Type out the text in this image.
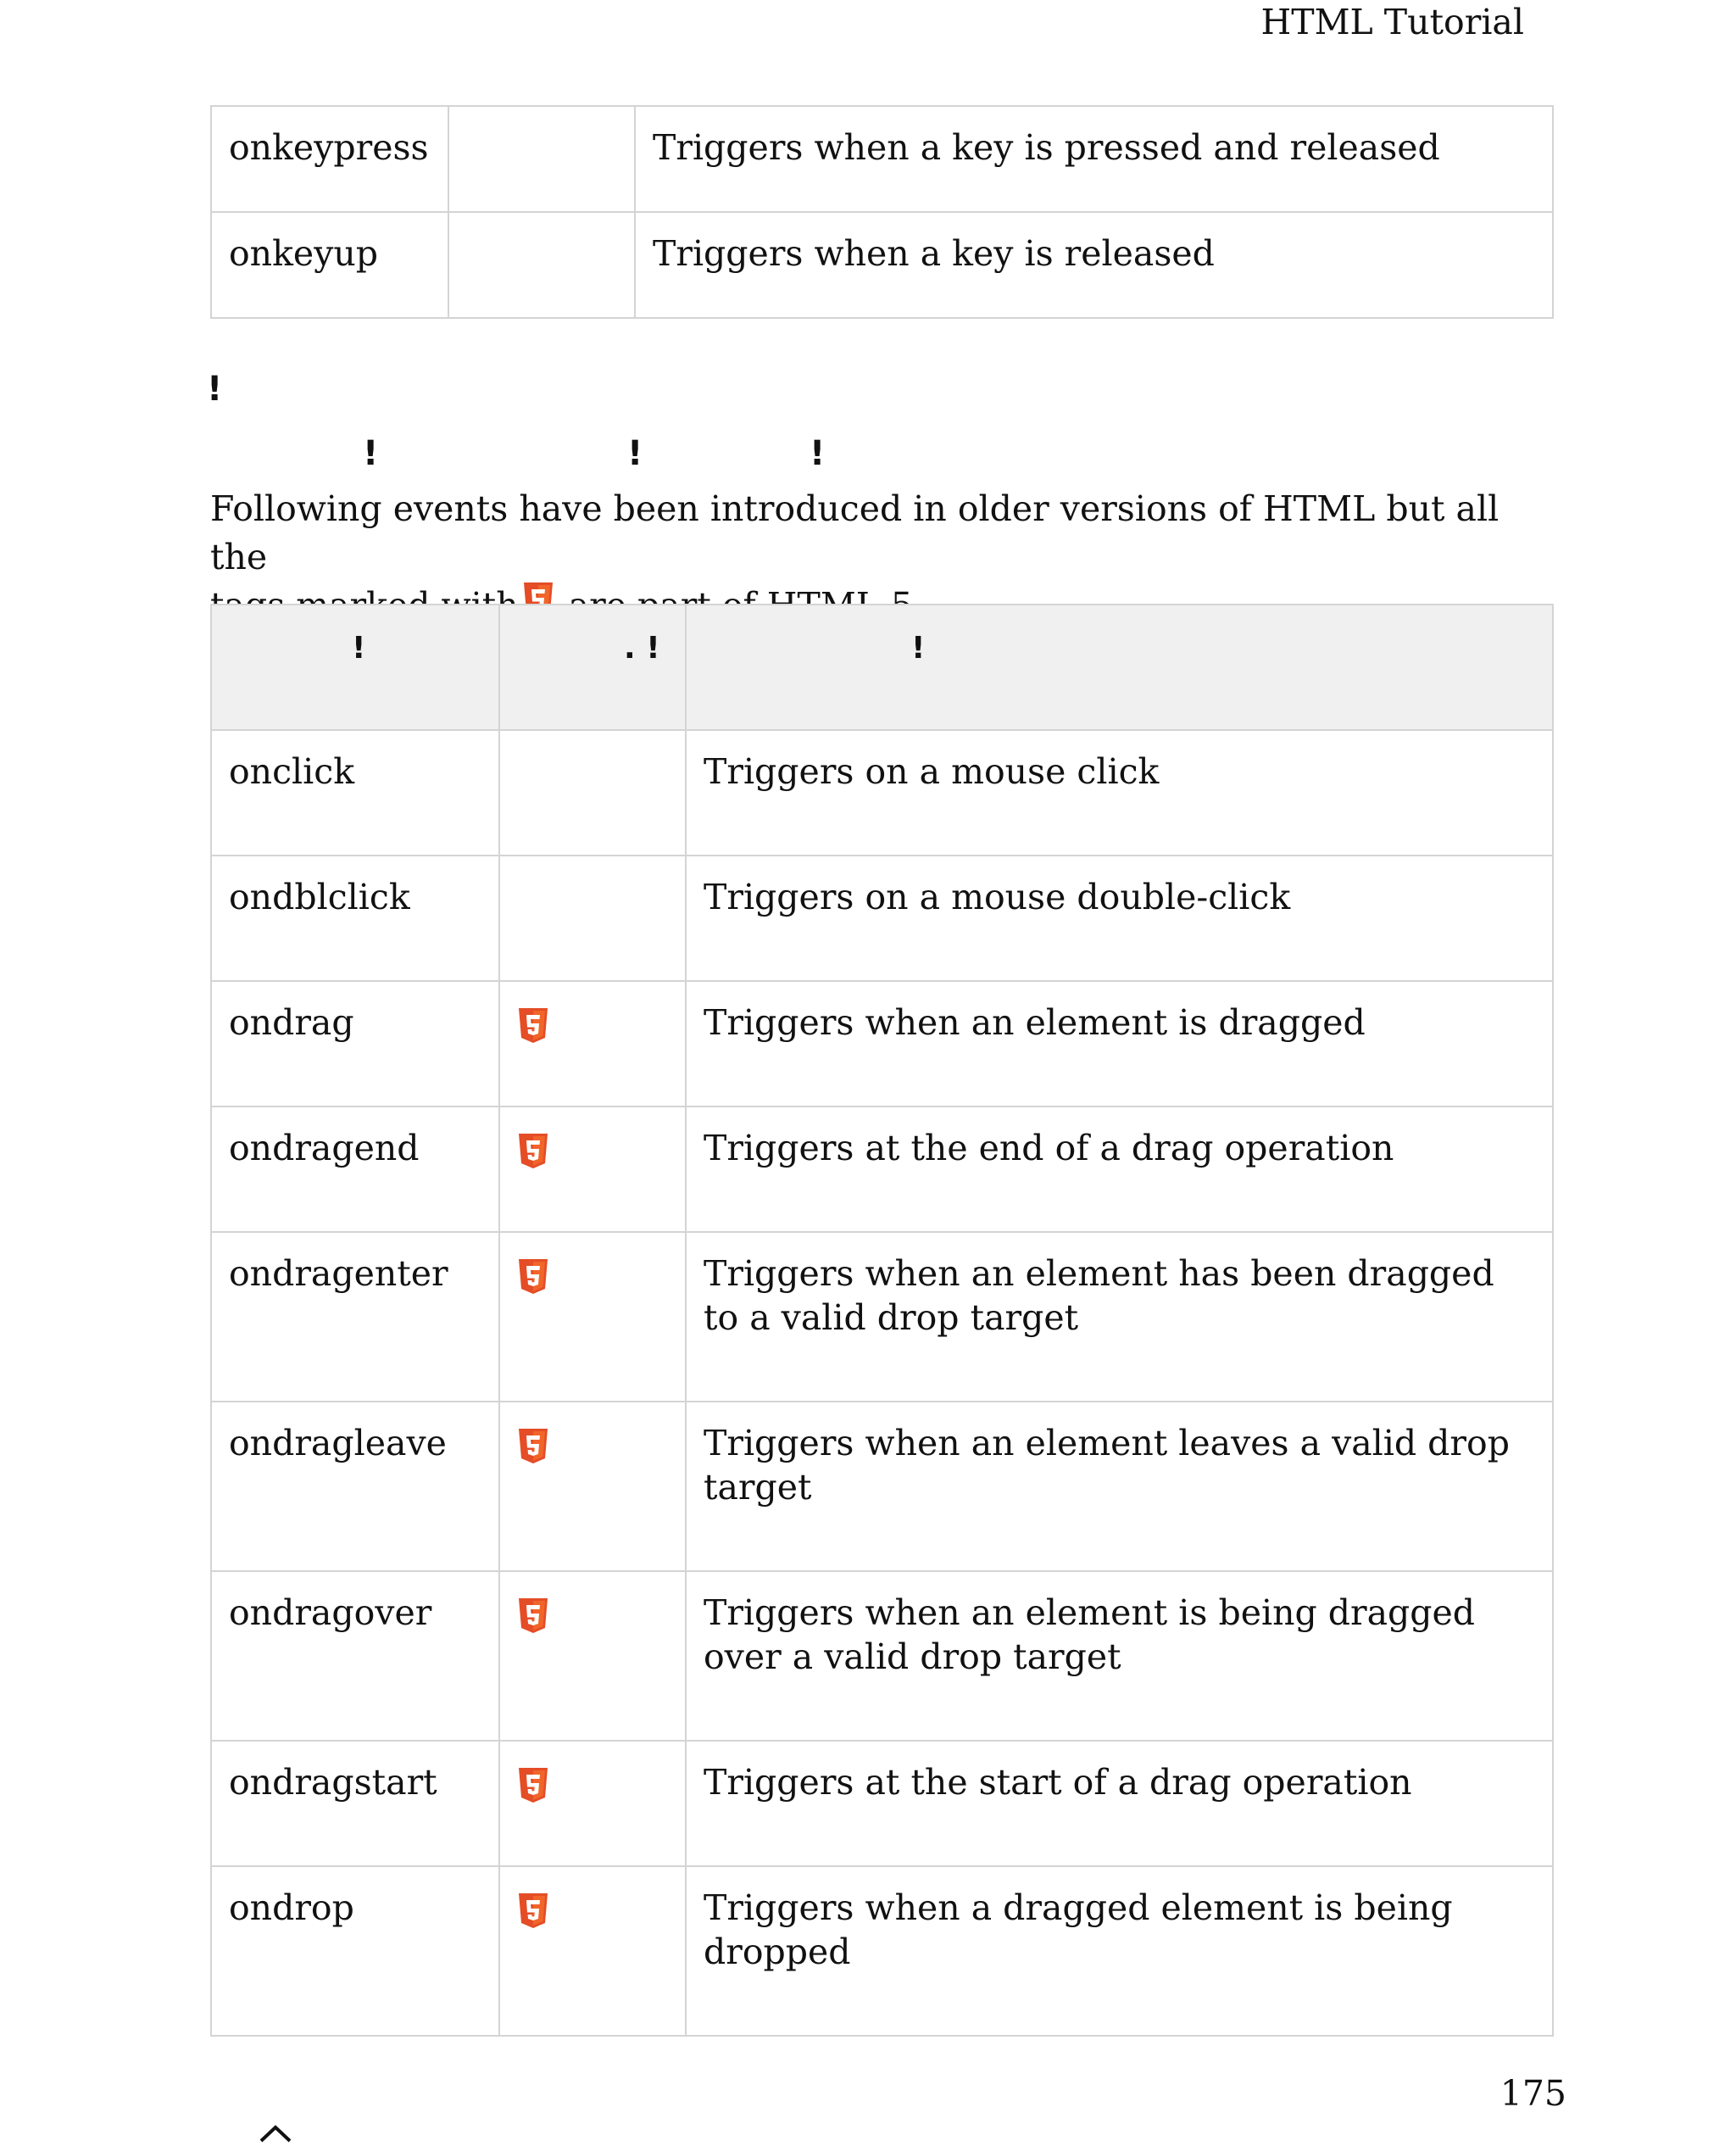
HTML Tutorial
onkeypress		Triggers when a key is pressed and released
onkeyup		Triggers when a key is released
!
!	!	!
Following events have been introduced in older versions of HTML but all the
!	. !	!
onclick		Triggers on a mouse click
ondblclick		Triggers on a mouse double-click
ondrag		Triggers when an element is dragged
ondragend		Triggers at the end of a drag operation
ondragenter		Triggers when an element has been dragged to a valid drop target
ondragleave		Triggers when an element leaves a valid drop target
ondragover		Triggers when an element is being dragged over a valid drop target
ondragstart		Triggers at the start of a drag operation
ondrop		Triggers when a dragged element is being dropped
175
